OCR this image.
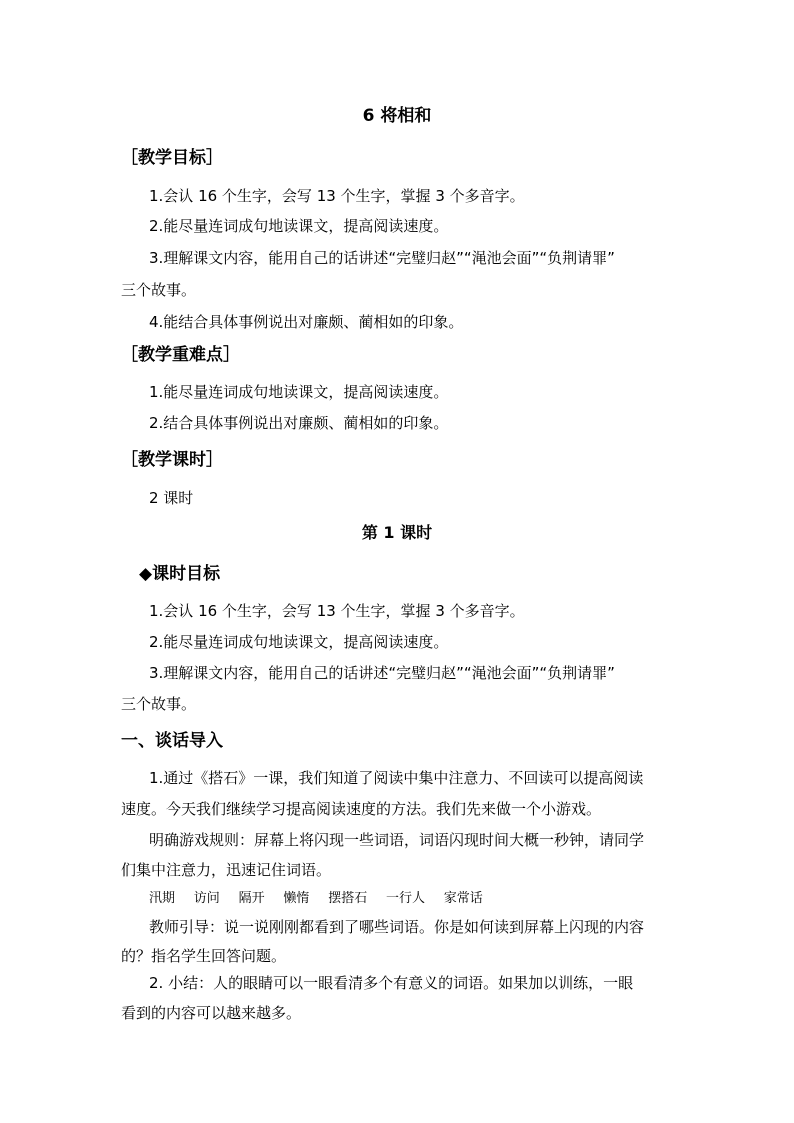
6 将相和
［教学目标］
1.会认 16 个生字，会写 13 个生字，掌握 3 个多音字。
2.能尽量连词成句地读课文，提高阅读速度。
3.理解课文内容，能用自己的话讲述“完璧归赵”“渑池会面”“负荆请罪”
三个故事。
4.能结合具体事例说出对廉颇、蔺相如的印象。
［教学重难点］
1.能尽量连词成句地读课文，提高阅读速度。
2.结合具体事例说出对廉颇、蔺相如的印象。
［教学课时］
2 课时
第 1 课时
◆课时目标
1.会认 16 个生字，会写 13 个生字，掌握 3 个多音字。
2.能尽量连词成句地读课文，提高阅读速度。
3.理解课文内容，能用自己的话讲述“完璧归赵”“渑池会面”“负荆请罪”
三个故事。
一、谈话导入
1.通过《搭石》一课，我们知道了阅读中集中注意力、不回读可以提高阅读
速度。今天我们继续学习提高阅读速度的方法。我们先来做一个小游戏。
明确游戏规则：屏幕上将闪现一些词语，词语闪现时间大概一秒钟，请同学
们集中注意力，迅速记住词语。
汛期 访问 隔开 懒惰 摆搭石 一行人 家常话
教师引导：说一说刚刚都看到了哪些词语。你是如何读到屏幕上闪现的内容
的？指名学生回答问题。
2. 小结：人的眼睛可以一眼看清多个有意义的词语。如果加以训练，一眼
看到的内容可以越来越多。
